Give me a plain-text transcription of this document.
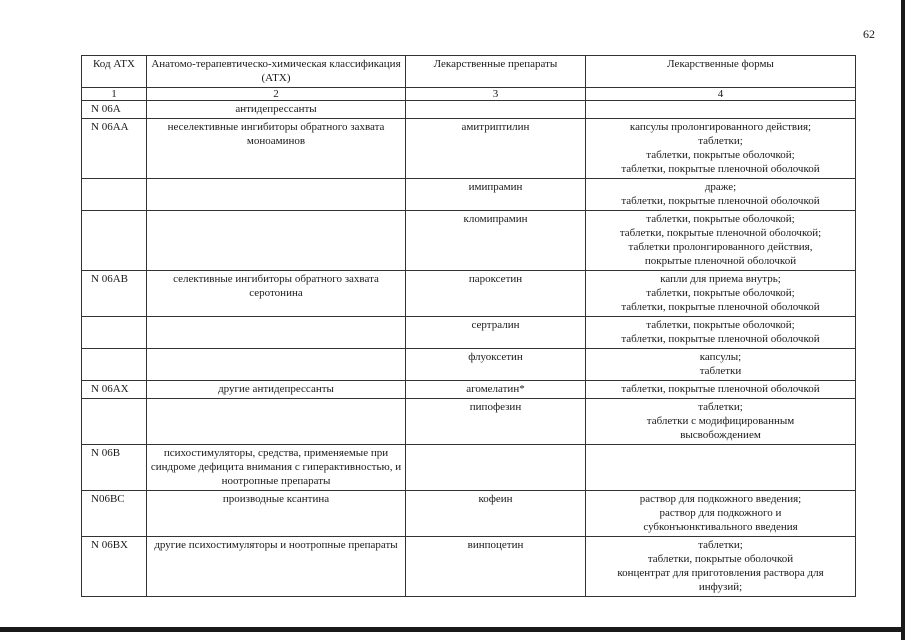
62
Код АТХ	Анатомо-терапевтическо-химическая классификация (АТХ)	Лекарственные препараты	Лекарственные формы
1	2	3	4
N 06A	антидепрессанты		
N 06AA	неселективные ингибиторы обратного захвата моноаминов	амитриптилин	капсулы пролонгированного действия;
таблетки;
таблетки, покрытые оболочкой;
таблетки, покрытые пленочной оболочкой

		имипрамин	драже;
таблетки, покрытые пленочной оболочкой

		кломипрамин	таблетки, покрытые оболочкой;
таблетки, покрытые пленочной оболочкой;
таблетки пролонгированного действия,
покрытые пленочной оболочкой

N 06AB	селективные ингибиторы обратного захвата серотонина	пароксетин	капли для приема внутрь;
таблетки, покрытые оболочкой;
таблетки, покрытые пленочной оболочкой

		сертралин	таблетки, покрытые оболочкой;
таблетки, покрытые пленочной оболочкой

		флуоксетин	капсулы;
таблетки

N 06AX	другие антидепрессанты	агомелатин*	таблетки, покрытые пленочной оболочкой

		пипофезин	таблетки;
таблетки с модифицированным
высвобождением

N 06B	психостимуляторы, средства, применяемые при синдроме дефицита внимания с гиперактивностью, и ноотропные препараты		
N06BC	производные ксантина	кофеин	раствор для подкожного введения;
раствор для подкожного и
субконъюнктивального введения

N 06BX	другие психостимуляторы и ноотропные препараты	винпоцетин	таблетки;
таблетки, покрытые оболочкой
концентрат для приготовления раствора для
инфузий;
